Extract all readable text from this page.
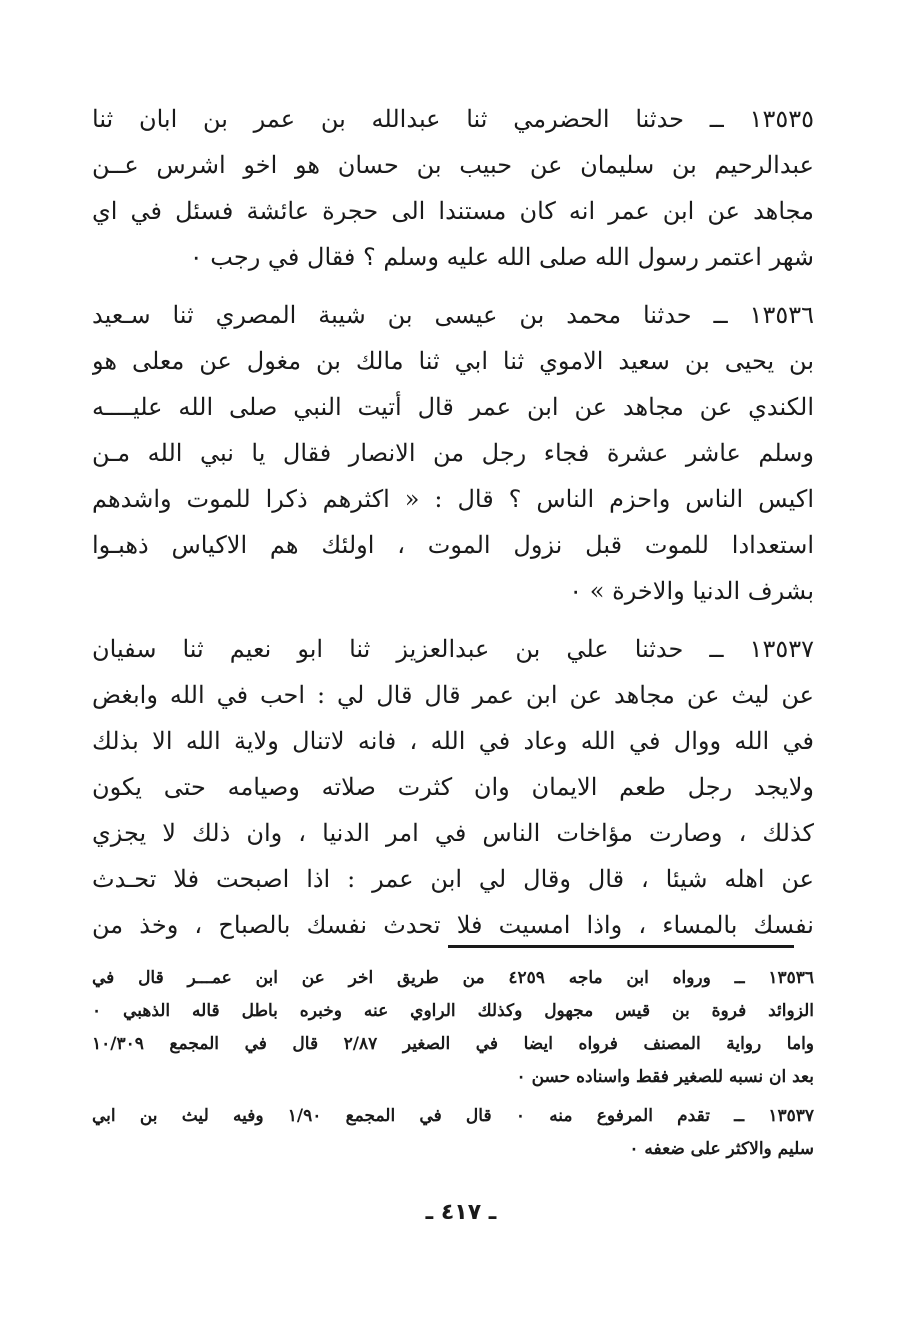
١٣٥٣٥ ــ حدثنا الحضرمي ثنا عبدالله بن عمر بن ابان ثنا
عبدالرحيم بن سليمان عن حبيب بن حسان هو اخو اشرس عــن
مجاهد عن ابن عمر انه كان مستندا الى حجرة عائشة فسئل في اي
شهر اعتمر رسول الله صلى الله عليه وسلم ؟ فقال في رجب ٠
١٣٥٣٦ ــ حدثنا محمد بن عيسى بن شيبة المصري ثنا سـعيد
بن يحيى بن سعيد الاموي ثنا ابي ثنا مالك بن مغول عن معلى هو
الكندي عن مجاهد عن ابن عمر قال أتيت النبي صلى الله عليــــه
وسلم عاشر عشرة فجاء رجل من الانصار فقال يا نبي الله مـن
اكيس الناس واحزم الناس ؟ قال : « اكثرهم ذكرا للموت واشدهم
استعدادا للموت قبل نزول الموت ، اولئك هم الاكياس ذهبـوا
بشرف الدنيا والاخرة » ٠
١٣٥٣٧ ــ حدثنا علي بن عبدالعزيز ثنا ابو نعيم ثنا سفيان
عن ليث عن مجاهد عن ابن عمر قال قال لي : احب في الله وابغض
في الله ووال في الله وعاد في الله ، فانه لاتنال ولاية الله الا بذلك
ولايجد رجل طعم الايمان وان كثرت صلاته وصيامه حتى يكون
كذلك ، وصارت مؤاخات الناس في امر الدنيا ، وان ذلك لا يجزي
عن اهله شيئا ، قال وقال لي ابن عمر : اذا اصبحت فلا تحـدث
نفسك بالمساء ، واذا امسيت فلا تحدث نفسك بالصباح ، وخذ من
١٣٥٣٦ ــ ورواه ابن ماجه ٤٢٥٩ من طريق اخر عن ابن عمـــر قال في
الزوائد فروة بن قيس مجهول وكذلك الراوي عنه وخبره باطل قاله الذهبي ٠
واما رواية المصنف فرواه ايضا في الصغير ٢/٨٧ قال في المجمع ١٠/٣٠٩
بعد ان نسبه للصغير فقط واسناده حسن ٠
١٣٥٣٧ ــ تقدم المرفوع منه ٠ قال في المجمع ١/٩٠ وفيه ليث بن ابي
سليم والاكثر على ضعفه ٠
ـ ٤١٧ ـ
